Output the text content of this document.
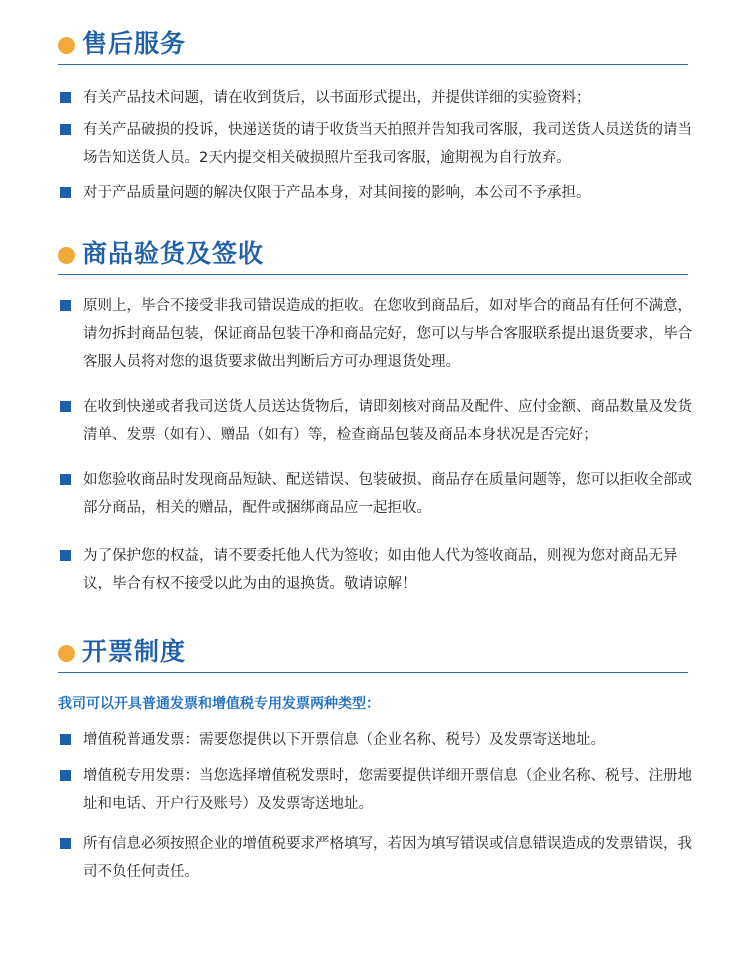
售后服务
有关产品技术问题，请在收到货后，以书面形式提出，并提供详细的实验资料；
有关产品破损的投诉，快递送货的请于收货当天拍照并告知我司客服，我司送货人员送货的请当场告知送货人员。2天内提交相关破损照片至我司客服，逾期视为自行放弃。
对于产品质量问题的解决仅限于产品本身，对其间接的影响，本公司不予承担。
商品验货及签收
原则上，毕合不接受非我司错误造成的拒收。在您收到商品后，如对毕合的商品有任何不满意，请勿拆封商品包装，保证商品包装干净和商品完好，您可以与毕合客服联系提出退货要求，毕合客服人员将对您的退货要求做出判断后方可办理退货处理。
在收到快递或者我司送货人员送达货物后，请即刻核对商品及配件、应付金额、商品数量及发货清单、发票（如有）、赠品（如有）等，检查商品包装及商品本身状况是否完好；
如您验收商品时发现商品短缺、配送错误、包装破损、商品存在质量问题等，您可以拒收全部或部分商品，相关的赠品，配件或捆绑商品应一起拒收。
为了保护您的权益，请不要委托他人代为签收；如由他人代为签收商品，则视为您对商品无异议，毕合有权不接受以此为由的退换货。敬请谅解！
开票制度
我司可以开具普通发票和增值税专用发票两种类型：
增值税普通发票：需要您提供以下开票信息（企业名称、税号）及发票寄送地址。
增值税专用发票：当您选择增值税发票时，您需要提供详细开票信息（企业名称、税号、注册地址和电话、开户行及账号）及发票寄送地址。
所有信息必须按照企业的增值税要求严格填写，若因为填写错误或信息错误造成的发票错误，我司不负任何责任。
